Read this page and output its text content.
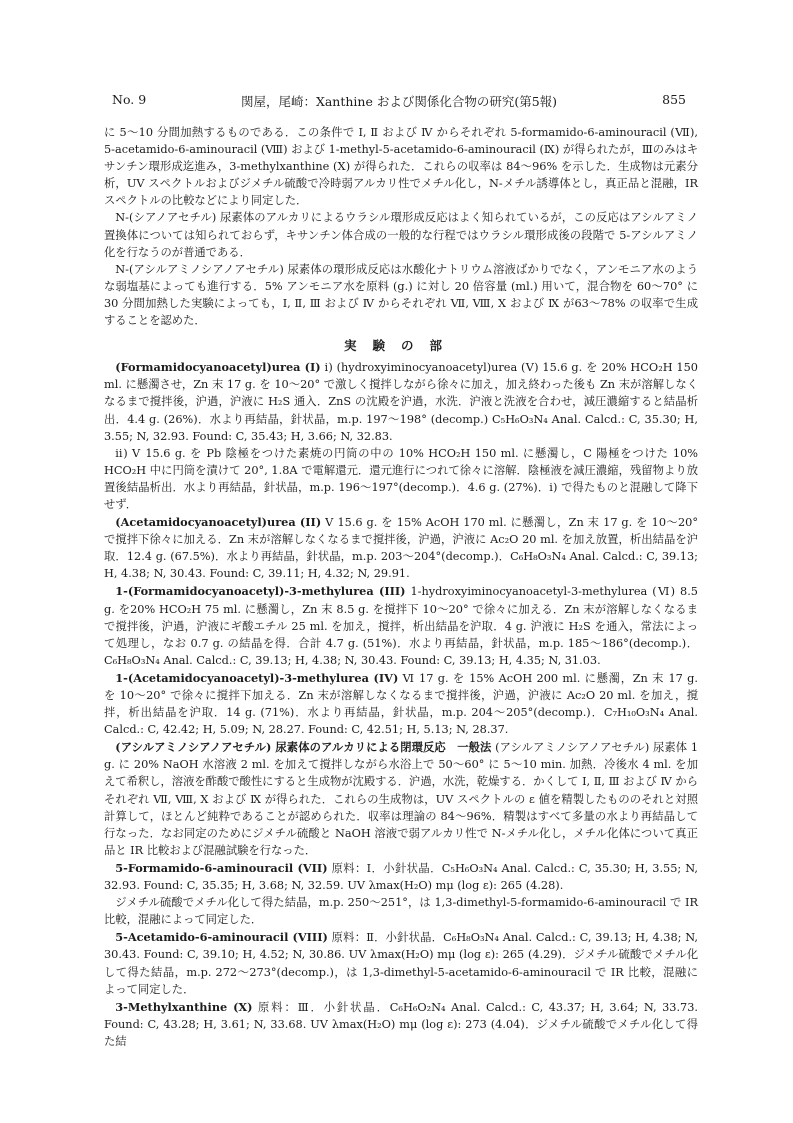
No. 9	関屋，尾崎：Xanthine および関係化合物の研究(第5報)	855

に 5～10 分間加熱するものである．この条件で I, Ⅱ および Ⅳ からそれぞれ 5-formamido-6-aminouracil (Ⅶ), 5-acetamido-6-aminouracil (Ⅷ) および 1-methyl-5-acetamido-6-aminouracil (Ⅸ) が得られたが，Ⅲのみはキサンチン環形成迄進み，3-methylxanthine (Ⅹ) が得られた．これらの収率は 84～96% を示した．生成物は元素分析，UV スペクトルおよびジメチル硫酸で冷時弱アルカリ性でメチル化し，N-メチル誘導体とし，真正品と混融，IR スペクトルの比較などにより同定した．

N-(シアノアセチル) 尿素体のアルカリによるウラシル環形成反応はよく知られているが，この反応はアシルアミノ置換体については知られておらず，キサンチン体合成の一般的な行程ではウラシル環形成後の段階で 5-アシルアミノ化を行なうのが普通である．

N-(アシルアミノシアノアセチル) 尿素体の環形成反応は水酸化ナトリウム溶液ばかりでなく，アンモニア水のような弱塩基によっても進行する．5% アンモニア水を原料 (g.) に対し 20 倍容量 (ml.) 用いて，混合物を 60～70° に 30 分間加熱した実験によっても，I, Ⅱ, Ⅲ および Ⅳ からそれぞれ Ⅶ, Ⅷ, Ⅹ および Ⅸ が63～78% の収率で生成することを認めた．

実験の部

(Formamidocyanoacetyl)urea (I) ⅰ) (hydroxyiminocyanoacetyl)urea (Ⅴ) 15.6 g. を 20% HCO₂H 150 ml. に懸濁させ，Zn 末 17 g. を 10～20° で激しく撹拌しながら徐々に加え，加え終わった後も Zn 末が溶解しなくなるまで撹拌後，沪過，沪液に H₂S 通入．ZnS の沈殿を沪過，水洗．沪液と洗液を合わせ，減圧濃縮すると結晶析出．4.4 g. (26%)．水より再結晶，針状晶，m.p. 197～198° (decomp.) C₅H₆O₃N₄ Anal. Calcd.: C, 35.30; H, 3.55; N, 32.93. Found: C, 35.43; H, 3.66; N, 32.83.

ⅱ) Ⅴ 15.6 g. を Pb 陰極をつけた素焼の円筒の中の 10% HCO₂H 150 ml. に懸濁し，C 陽極をつけた 10% HCO₂H 中に円筒を漬けて 20°, 1.8A で電解還元．還元進行につれて徐々に溶解．陰極液を減圧濃縮，残留物より放置後結晶析出．水より再結晶，針状晶，m.p. 196～197°(decomp.)．4.6 g. (27%)．ⅰ) で得たものと混融して降下せず．

(Acetamidocyanoacetyl)urea (II) Ⅴ 15.6 g. を 15% AcOH 170 ml. に懸濁し，Zn 末 17 g. を 10～20° で撹拌下徐々に加える．Zn 末が溶解しなくなるまで撹拌後，沪過，沪液に Ac₂O 20 ml. を加え放置，析出結晶を沪取．12.4 g. (67.5%)．水より再結晶，針状晶，m.p. 203～204°(decomp.)．C₆H₈O₃N₄ Anal. Calcd.: C, 39.13; H, 4.38; N, 30.43. Found: C, 39.11; H, 4.32; N, 29.91.

1-(Formamidocyanoacetyl)-3-methylurea (III) 1-hydroxyiminocyanoacetyl-3-methylurea (Ⅵ) 8.5 g. を20% HCO₂H 75 ml. に懸濁し，Zn 末 8.5 g. を撹拌下 10～20° で徐々に加える．Zn 末が溶解しなくなるまで撹拌後，沪過，沪液にギ酸エチル 25 ml. を加え，撹拌，析出結晶を沪取．4 g. 沪液に H₂S を通入，常法によって処理し，なお 0.7 g. の結晶を得．合計 4.7 g. (51%)．水より再結晶，針状晶，m.p. 185～186°(decomp.)．C₆H₈O₃N₄ Anal. Calcd.: C, 39.13; H, 4.38; N, 30.43. Found: C, 39.13; H, 4.35; N, 31.03.

1-(Acetamidocyanoacetyl)-3-methylurea (IV) Ⅵ 17 g. を 15% AcOH 200 ml. に懸濁，Zn 末 17 g. を 10～20° で徐々に撹拌下加える．Zn 末が溶解しなくなるまで撹拌後，沪過，沪液に Ac₂O 20 ml. を加え，撹拌，析出結晶を沪取．14 g. (71%)．水より再結晶，針状晶，m.p. 204～205°(decomp.)．C₇H₁₀O₃N₄ Anal. Calcd.: C, 42.42; H, 5.09; N, 28.27. Found: C, 42.51; H, 5.13; N, 28.37.

(アシルアミノシアノアセチル) 尿素体のアルカリによる閉環反応　一般法 (アシルアミノシアノアセチル) 尿素体 1 g. に 20% NaOH 水溶液 2 ml. を加えて撹拌しながら水浴上で 50～60° に 5～10 min. 加熱．冷後水 4 ml. を加えて希釈し，溶液を酢酸で酸性にすると生成物が沈殿する．沪過，水洗，乾燥する．かくして I, Ⅱ, Ⅲ および Ⅳ からそれぞれ Ⅶ, Ⅷ, Ⅹ および Ⅸ が得られた．これらの生成物は，UV スペクトルの ε 値を精製したもののそれと対照計算して，ほとんど純粋であることが認められた．収率は理論の 84～96%．精製はすべて多量の水より再結晶して行なった．なお同定のためにジメチル硫酸と NaOH 溶液で弱アルカリ性で N-メチル化し，メチル化体について真正品と IR 比較および混融試験を行なった．

5-Formamido-6-aminouracil (VII) 原料：I．小針状晶．C₅H₆O₃N₄ Anal. Calcd.: C, 35.30; H, 3.55; N, 32.93. Found: C, 35.35; H, 3.68; N, 32.59. UV λmax(H₂O) mμ (log ε): 265 (4.28).

ジメチル硫酸でメチル化して得た結晶，m.p. 250～251°，は 1,3-dimethyl-5-formamido-6-aminouracil で IR 比較，混融によって同定した．

5-Acetamido-6-aminouracil (VIII) 原料：Ⅱ．小針状晶．C₆H₈O₃N₄ Anal. Calcd.: C, 39.13; H, 4.38; N, 30.43. Found: C, 39.10; H, 4.52; N, 30.86. UV λmax(H₂O) mμ (log ε): 265 (4.29)．ジメチル硫酸でメチル化して得た結晶，m.p. 272～273°(decomp.)，は 1,3-dimethyl-5-acetamido-6-aminouracil で IR 比較，混融によって同定した．

3-Methylxanthine (X) 原料：Ⅲ．小針状晶．C₆H₆O₂N₄ Anal. Calcd.: C, 43.37; H, 3.64; N, 33.73. Found: C, 43.28; H, 3.61; N, 33.68. UV λmax(H₂O) mμ (log ε): 273 (4.04)．ジメチル硫酸でメチル化して得た結
